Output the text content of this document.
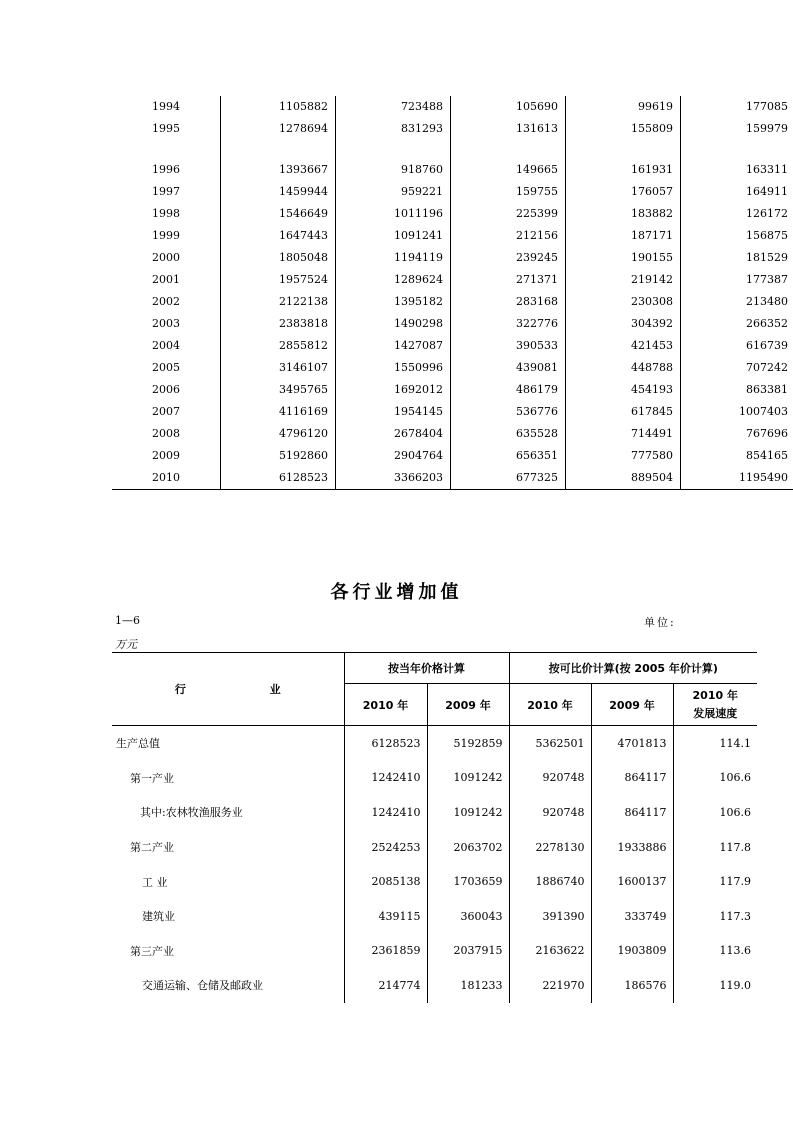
1994	1105882	723488	105690	99619	177085
1995	1278694	831293	131613	155809	159979

1996	1393667	918760	149665	161931	163311
1997	1459944	959221	159755	176057	164911
1998	1546649	1011196	225399	183882	126172
1999	1647443	1091241	212156	187171	156875
2000	1805048	1194119	239245	190155	181529
2001	1957524	1289624	271371	219142	177387
2002	2122138	1395182	283168	230308	213480
2003	2383818	1490298	322776	304392	266352
2004	2855812	1427087	390533	421453	616739
2005	3146107	1550996	439081	448788	707242
2006	3495765	1692012	486179	454193	863381
2007	4116169	1954145	536776	617845	1007403
2008	4796120	2678404	635528	714491	767696
2009	5192860	2904764	656351	777580	854165
2010	6128523	3366203	677325	889504	1195490
各行业增加值
1—6	单位:
万元
行 业	按当年价格计算		按可比价计算(按 2005 年价计算)		
	2010 年	2009 年	2010 年	2009 年	2010 年
发展速度

生产总值	6128523	5192859	5362501	4701813	114.1
第一产业	1242410	1091242	920748	864117	106.6
其中:农林牧渔服务业	1242410	1091242	920748	864117	106.6
第二产业	2524253	2063702	2278130	1933886	117.8
工 业	2085138	1703659	1886740	1600137	117.9
建筑业	439115	360043	391390	333749	117.3
第三产业	2361859	2037915	2163622	1903809	113.6
交通运输、仓储及邮政业	214774	181233	221970	186576	119.0
